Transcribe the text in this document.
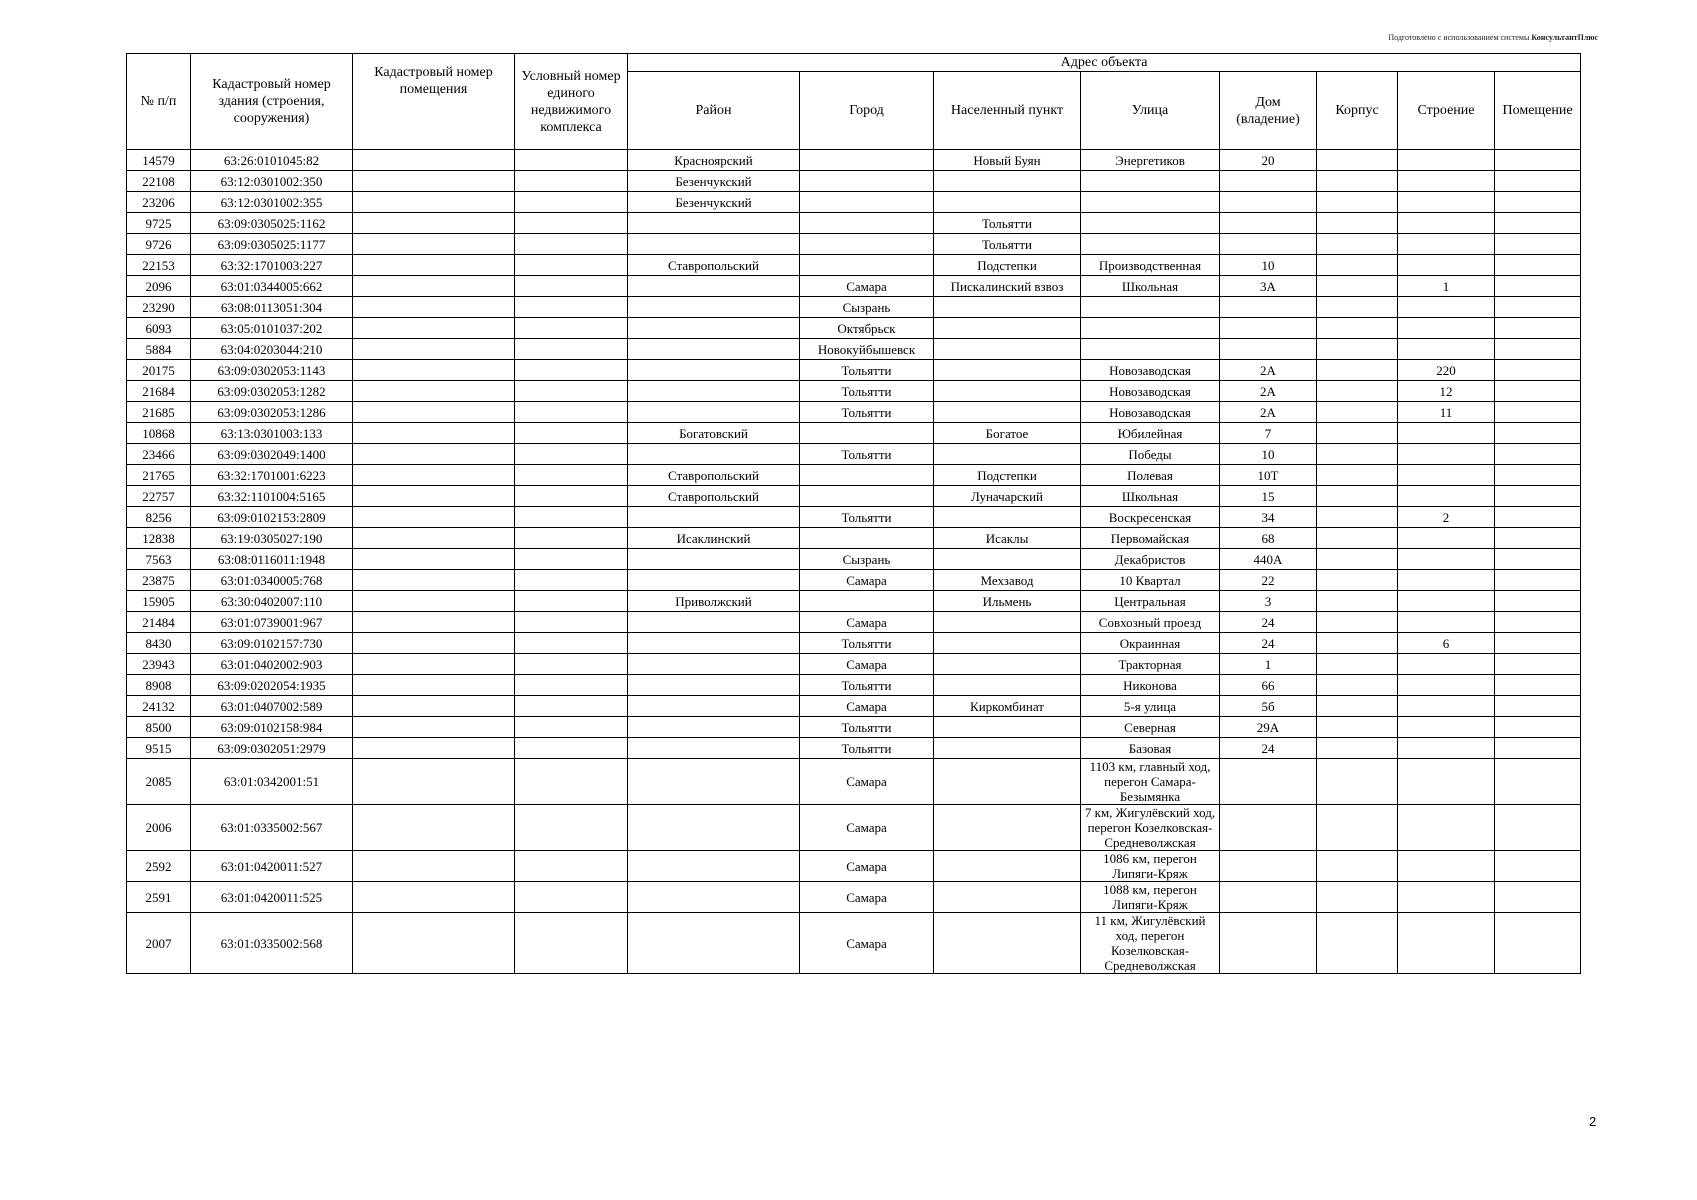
Подготовлено с использованием системы КонсультантПлюс
№ п/п	Кадастровый номер здания (строения, сооружения)	Кадастровый номер помещения	Условный номер единого недвижимого комплекса	Адрес объекта							
				Район	Город	Населенный пункт	Улица	Дом (владение)	Корпус	Строение	Помещение
14579	63:26:0101045:82			Красноярский		Новый Буян	Энергетиков	20			
22108	63:12:0301002:350			Безенчукский							
23206	63:12:0301002:355			Безенчукский							
9725	63:09:0305025:1162					Тольятти					
9726	63:09:0305025:1177					Тольятти					
22153	63:32:1701003:227			Ставропольский		Подстепки	Производственная	10			
2096	63:01:0344005:662				Самара	Пискалинский взвоз	Школьная	3А		1	
23290	63:08:0113051:304				Сызрань						
6093	63:05:0101037:202				Октябрьск						
5884	63:04:0203044:210				Новокуйбышевск						
20175	63:09:0302053:1143				Тольятти		Новозаводская	2А		220	
21684	63:09:0302053:1282				Тольятти		Новозаводская	2А		12	
21685	63:09:0302053:1286				Тольятти		Новозаводская	2А		11	
10868	63:13:0301003:133			Богатовский		Богатое	Юбилейная	7			
23466	63:09:0302049:1400				Тольятти		Победы	10			
21765	63:32:1701001:6223			Ставропольский		Подстепки	Полевая	10Т			
22757	63:32:1101004:5165			Ставропольский		Луначарский	Школьная	15			
8256	63:09:0102153:2809				Тольятти		Воскресенская	34		2	
12838	63:19:0305027:190			Исаклинский		Исаклы	Первомайская	68			
7563	63:08:0116011:1948				Сызрань		Декабристов	440А			
23875	63:01:0340005:768				Самара	Мехзавод	10 Квартал	22			
15905	63:30:0402007:110			Приволжский		Ильмень	Центральная	3			
21484	63:01:0739001:967				Самара		Совхозный проезд	24			
8430	63:09:0102157:730				Тольятти		Окраинная	24		6	
23943	63:01:0402002:903				Самара		Тракторная	1			
8908	63:09:0202054:1935				Тольятти		Никонова	66			
24132	63:01:0407002:589				Самара	Киркомбинат	5-я улица	5б			
8500	63:09:0102158:984				Тольятти		Северная	29А			
9515	63:09:0302051:2979				Тольятти		Базовая	24			
2085	63:01:0342001:51				Самара		1103 км, главный ход, перегон Самара-Безымянка				
2006	63:01:0335002:567				Самара		7 км, Жигулёвский ход, перегон Козелковская-Средневолжская				
2592	63:01:0420011:527				Самара		1086 км, перегон Липяги-Кряж				
2591	63:01:0420011:525				Самара		1088 км, перегон Липяги-Кряж				
2007	63:01:0335002:568				Самара		11 км, Жигулёвский ход, перегон Козелковская-Средневолжская				
2
